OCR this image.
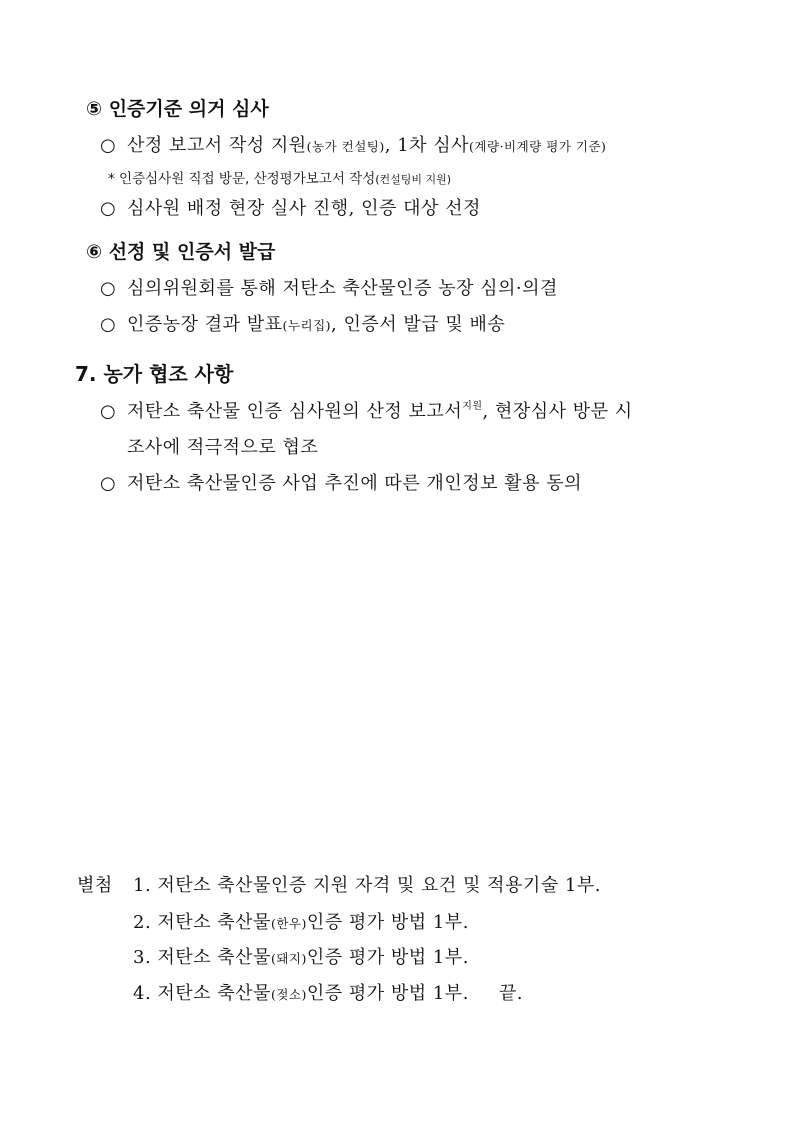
⑤ 인증기준 의거 심사
○ 산정 보고서 작성 지원(농가 컨설팅), 1차 심사(계량·비계량 평가 기준)
* 인증심사원 직접 방문, 산정평가보고서 작성(컨설팅비 지원)
○ 심사원 배정 현장 실사 진행, 인증 대상 선정
⑥ 선정 및 인증서 발급
○ 심의위원회를 통해 저탄소 축산물인증 농장 심의·의결
○ 인증농장 결과 발표(누리집), 인증서 발급 및 배송
7. 농가 협조 사항
○ 저탄소 축산물 인증 심사원의 산정 보고서$^{지원}$, 현장심사 방문 시
조사에 적극적으로 협조
○ 저탄소 축산물인증 사업 추진에 따른 개인정보 활용 동의
별첨 1. 저탄소 축산물인증 지원 자격 및 요건 및 적용기술 1부.
2. 저탄소 축산물(한우)인증 평가 방법 1부.
3. 저탄소 축산물(돼지)인증 평가 방법 1부.
4. 저탄소 축산물(젖소)인증 평가 방법 1부. 끝.
